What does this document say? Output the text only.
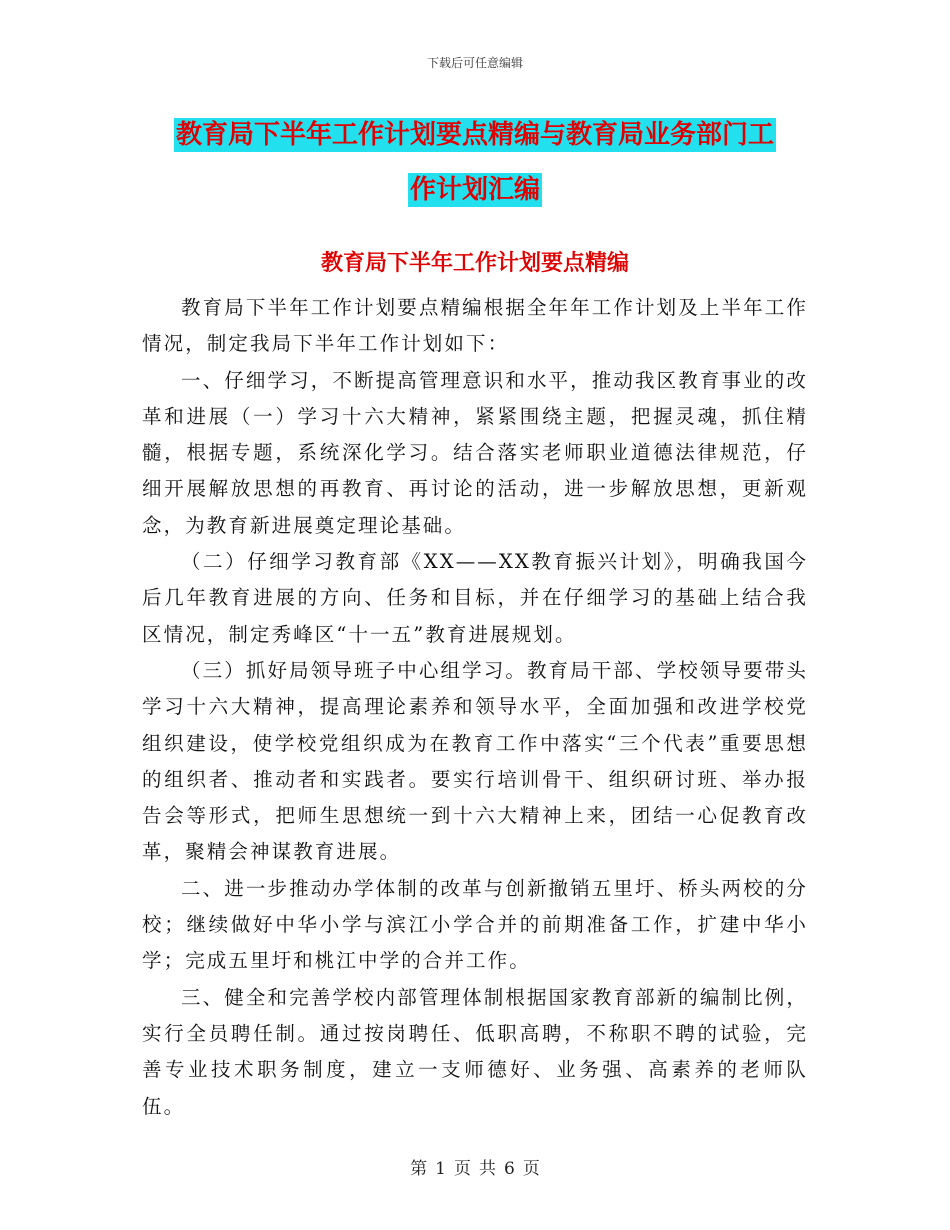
下载后可任意编辑
教育局下半年工作计划要点精编与教育局业务部门工
作计划汇编
教育局下半年工作计划要点精编

教育局下半年工作计划要点精编根据全年年工作计划及上半年工作情况，制定我局下半年工作计划如下：

一、仔细学习，不断提高管理意识和水平，推动我区教育事业的改革和进展（一）学习十六大精神，紧紧围绕主题，把握灵魂，抓住精髓，根据专题，系统深化学习。结合落实老师职业道德法律规范，仔细开展解放思想的再教育、再讨论的活动，进一步解放思想，更新观念，为教育新进展奠定理论基础。

（二）仔细学习教育部《XX——XX教育振兴计划》，明确我国今后几年教育进展的方向、任务和目标，并在仔细学习的基础上结合我区情况，制定秀峰区“十一五”教育进展规划。

（三）抓好局领导班子中心组学习。教育局干部、学校领导要带头学习十六大精神，提高理论素养和领导水平，全面加强和改进学校党组织建设，使学校党组织成为在教育工作中落实“三个代表”重要思想的组织者、推动者和实践者。要实行培训骨干、组织研讨班、举办报告会等形式，把师生思想统一到十六大精神上来，团结一心促教育改革，聚精会神谋教育进展。

二、进一步推动办学体制的改革与创新撤销五里圩、桥头两校的分校；继续做好中华小学与滨江小学合并的前期准备工作，扩建中华小学；完成五里圩和桃江中学的合并工作。

三、健全和完善学校内部管理体制根据国家教育部新的编制比例，实行全员聘任制。通过按岗聘任、低职高聘，不称职不聘的试验，完善专业技术职务制度，建立一支师德好、业务强、高素养的老师队伍。

第 1 页 共 6 页
